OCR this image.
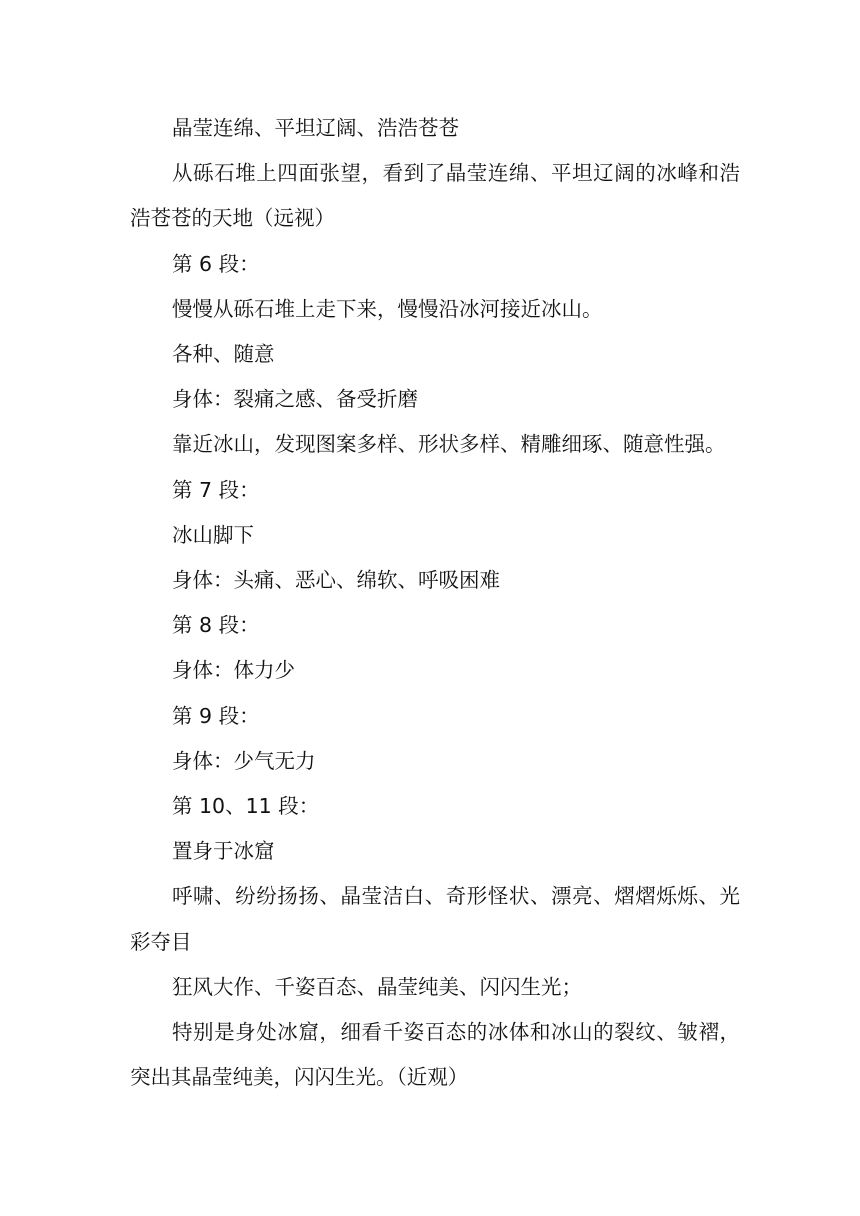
晶莹连绵、平坦辽阔、浩浩苍苍

从砾石堆上四面张望，看到了晶莹连绵、平坦辽阔的冰峰和浩浩苍苍的天地（远视）

第 6 段：

慢慢从砾石堆上走下来，慢慢沿冰河接近冰山。

各种、随意

身体：裂痛之感、备受折磨

靠近冰山，发现图案多样、形状多样、精雕细琢、随意性强。

第 7 段：

冰山脚下

身体：头痛、恶心、绵软、呼吸困难

第 8 段：

身体：体力少

第 9 段：

身体：少气无力

第 10、11 段：

置身于冰窟

呼啸、纷纷扬扬、晶莹洁白、奇形怪状、漂亮、熠熠烁烁、光彩夺目

狂风大作、千姿百态、晶莹纯美、闪闪生光；

特别是身处冰窟，细看千姿百态的冰体和冰山的裂纹、皱褶，突出其晶莹纯美，闪闪生光。（近观）
